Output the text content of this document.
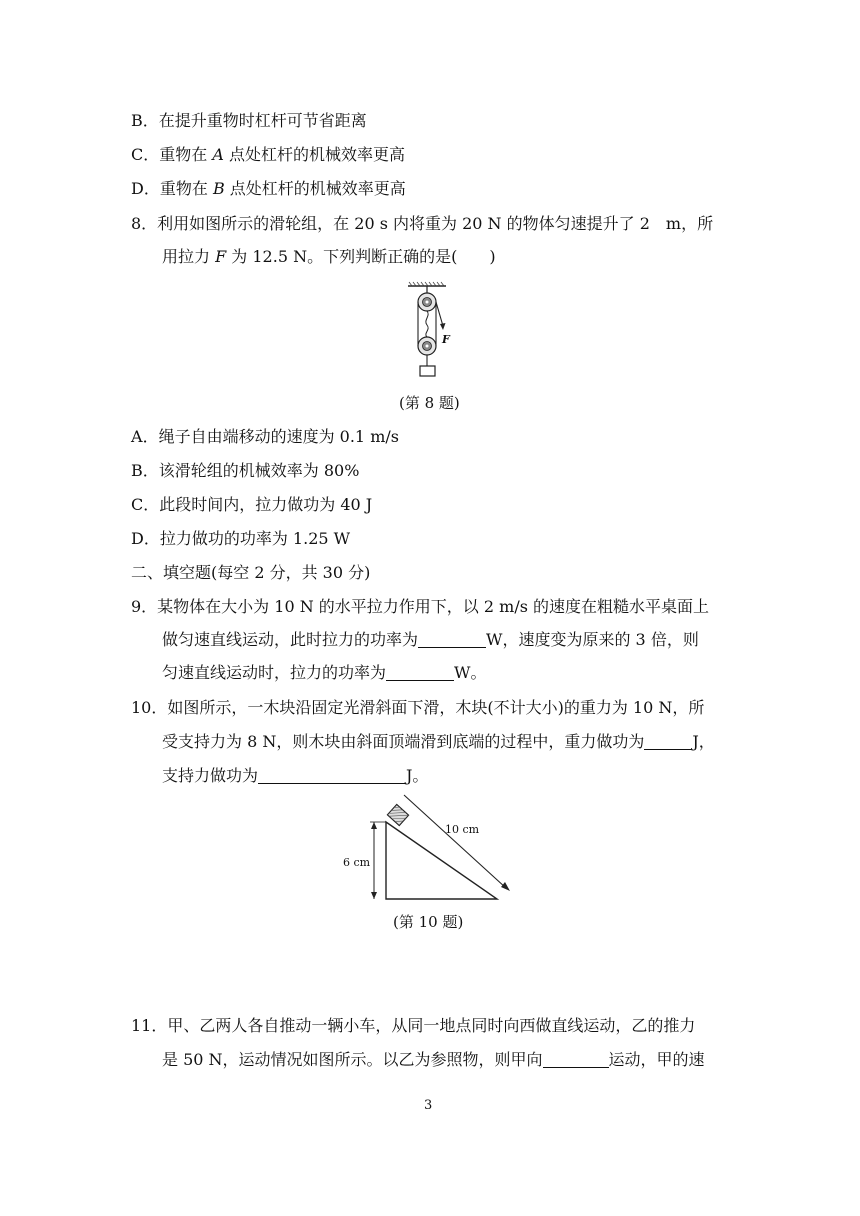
B．在提升重物时杠杆可节省距离
C．重物在 A 点处杠杆的机械效率更高
D．重物在 B 点处杠杆的机械效率更高
8．利用如图所示的滑轮组，在 20 s 内将重为 20 N 的物体匀速提升了 2　m，所
用拉力 F 为 12.5 N。下列判断正确的是(　　)
F
(第 8 题)
A．绳子自由端移动的速度为 0.1 m/s
B．该滑轮组的机械效率为 80%
C．此段时间内，拉力做功为 40 J
D．拉力做功的功率为 1.25 W
二、填空题(每空 2 分，共 30 分)
9．某物体在大小为 10 N 的水平拉力作用下，以 2 m/s 的速度在粗糙水平桌面上
做匀速直线运动，此时拉力的功率为	W，速度变为原来的 3 倍，则
匀速直线运动时，拉力的功率为	W。
10．如图所示，一木块沿固定光滑斜面下滑，木块(不计大小)的重力为 10 N，所
受支持力为 8 N，则木块由斜面顶端滑到底端的过程中，重力做功为	J，
支持力做功为	J。
6 cm
10 cm
(第 10 题)
11．甲、乙两人各自推动一辆小车，从同一地点同时向西做直线运动，乙的推力
是 50 N，运动情况如图所示。以乙为参照物，则甲向	运动，甲的速
3
